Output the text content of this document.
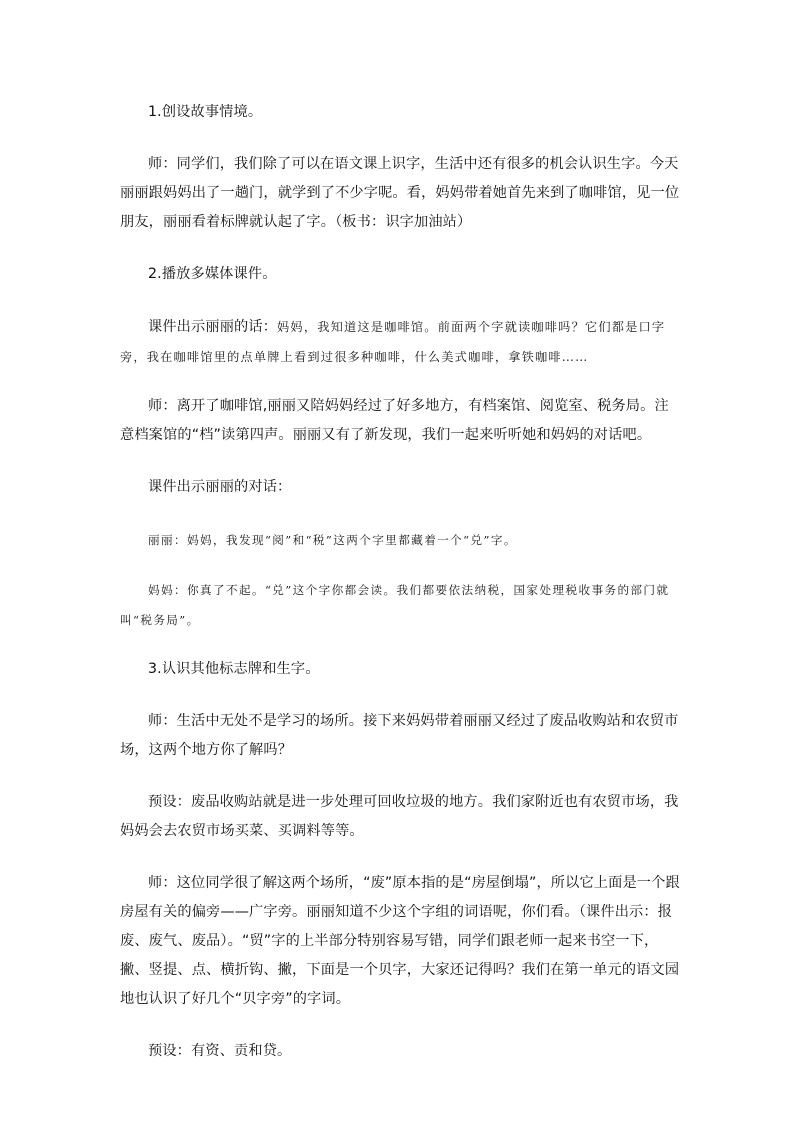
1.创设故事情境。

师：同学们，我们除了可以在语文课上识字，生活中还有很多的机会认识生字。今天丽丽跟妈妈出了一趟门，就学到了不少字呢。看，妈妈带着她首先来到了咖啡馆，见一位朋友，丽丽看着标牌就认起了字。（板书：识字加油站）

2.播放多媒体课件。

课件出示丽丽的话：妈妈，我知道这是咖啡馆。前面两个字就读咖啡吗？它们都是口字旁，我在咖啡馆里的点单牌上看到过很多种咖啡，什么美式咖啡，拿铁咖啡……

师：离开了咖啡馆,丽丽又陪妈妈经过了好多地方，有档案馆、阅览室、税务局。注意档案馆的“档”读第四声。丽丽又有了新发现，我们一起来听听她和妈妈的对话吧。

课件出示丽丽的对话：

丽丽：妈妈，我发现“阅”和“税”这两个字里都藏着一个“兑”字。

妈妈：你真了不起。“兑”这个字你都会读。我们都要依法纳税，国家处理税收事务的部门就叫“税务局”。

3.认识其他标志牌和生字。

师：生活中无处不是学习的场所。接下来妈妈带着丽丽又经过了废品收购站和农贸市场，这两个地方你了解吗？

预设：废品收购站就是进一步处理可回收垃圾的地方。我们家附近也有农贸市场，我妈妈会去农贸市场买菜、买调料等等。

师：这位同学很了解这两个场所，“废”原本指的是“房屋倒塌”，所以它上面是一个跟房屋有关的偏旁——广字旁。丽丽知道不少这个字组的词语呢，你们看。（课件出示：报废、废气、废品）。“贸”字的上半部分特别容易写错，同学们跟老师一起来书空一下，撇、竖提、点、横折钩、撇，下面是一个贝字，大家还记得吗？我们在第一单元的语文园地也认识了好几个“贝字旁”的字词。

预设：有资、贡和贷。
